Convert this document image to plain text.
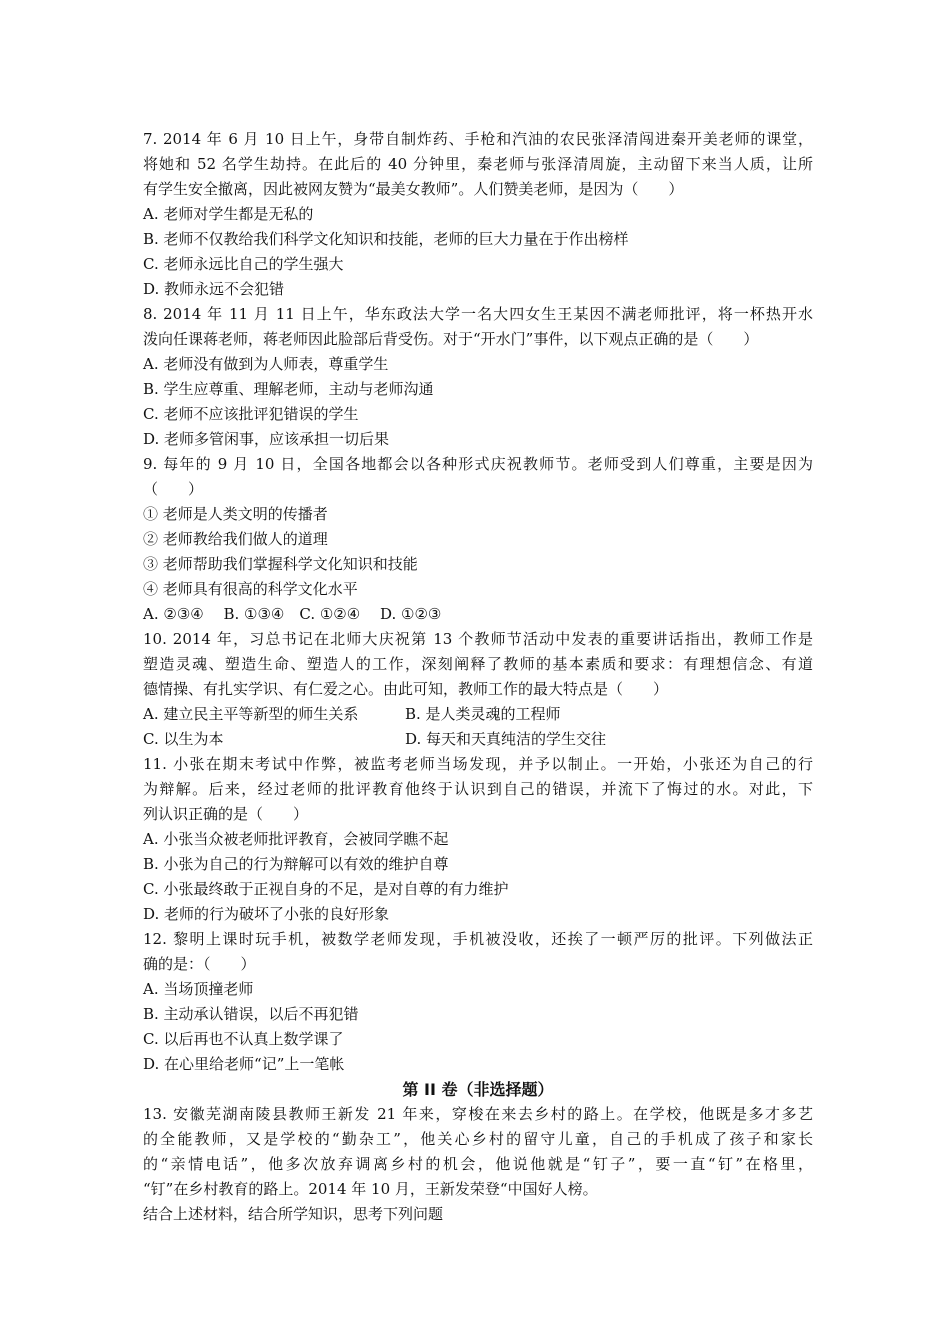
7. 2014 年 6 月 10 日上午，身带自制炸药、手枪和汽油的农民张泽清闯进秦开美老师的课堂，
将她和 52 名学生劫持。在此后的 40 分钟里，秦老师与张泽清周旋，主动留下来当人质，让所
有学生安全撤离，因此被网友赞为“最美女教师”。人们赞美老师，是因为（　　）
A. 老师对学生都是无私的
B. 老师不仅教给我们科学文化知识和技能，老师的巨大力量在于作出榜样
C. 老师永远比自己的学生强大
D. 教师永远不会犯错
8. 2014 年 11 月 11 日上午，华东政法大学一名大四女生王某因不满老师批评，将一杯热开水
泼向任课蒋老师，蒋老师因此脸部后背受伤。对于“开水门”事件，以下观点正确的是（　　）
A. 老师没有做到为人师表，尊重学生
B. 学生应尊重、理解老师，主动与老师沟通
C. 老师不应该批评犯错误的学生
D. 老师多管闲事，应该承担一切后果
9. 每年的 9 月 10 日，全国各地都会以各种形式庆祝教师节。老师受到人们尊重，主要是因为
（　　）
① 老师是人类文明的传播者
② 老师教给我们做人的道理
③ 老师帮助我们掌握科学文化知识和技能
④ 老师具有很高的科学文化水平
A. ②③④　 B. ①③④　C. ①②④　 D. ①②③
10. 2014 年，习总书记在北师大庆祝第 13 个教师节活动中发表的重要讲话指出，教师工作是
塑造灵魂、塑造生命、塑造人的工作，深刻阐释了教师的基本素质和要求：有理想信念、有道
德情操、有扎实学识、有仁爱之心。由此可知，教师工作的最大特点是（　　）
A. 建立民主平等新型的师生关系	B. 是人类灵魂的工程师
C. 以生为本	D. 每天和天真纯洁的学生交往
11. 小张在期末考试中作弊，被监考老师当场发现，并予以制止。一开始，小张还为自己的行
为辩解。后来，经过老师的批评教育他终于认识到自己的错误，并流下了悔过的水。对此，下
列认识正确的是（　　）
A. 小张当众被老师批评教育，会被同学瞧不起
B. 小张为自己的行为辩解可以有效的维护自尊
C. 小张最终敢于正视自身的不足，是对自尊的有力维护
D. 老师的行为破坏了小张的良好形象
12. 黎明上课时玩手机，被数学老师发现，手机被没收，还挨了一顿严厉的批评。下列做法正
确的是：（　　）
A. 当场顶撞老师
B. 主动承认错误，以后不再犯错
C. 以后再也不认真上数学课了
D. 在心里给老师“记”上一笔帐
第 II 卷（非选择题）
13. 安徽芜湖南陵县教师王新发 21 年来，穿梭在来去乡村的路上。在学校，他既是多才多艺
的全能教师，又是学校的“勤杂工”，他关心乡村的留守儿童，自己的手机成了孩子和家长
的“亲情电话”，他多次放弃调离乡村的机会，他说他就是“钉子”，要一直“钉”在格里，
“钉”在乡村教育的路上。2014 年 10 月，王新发荣登“中国好人榜。
结合上述材料，结合所学知识，思考下列问题
